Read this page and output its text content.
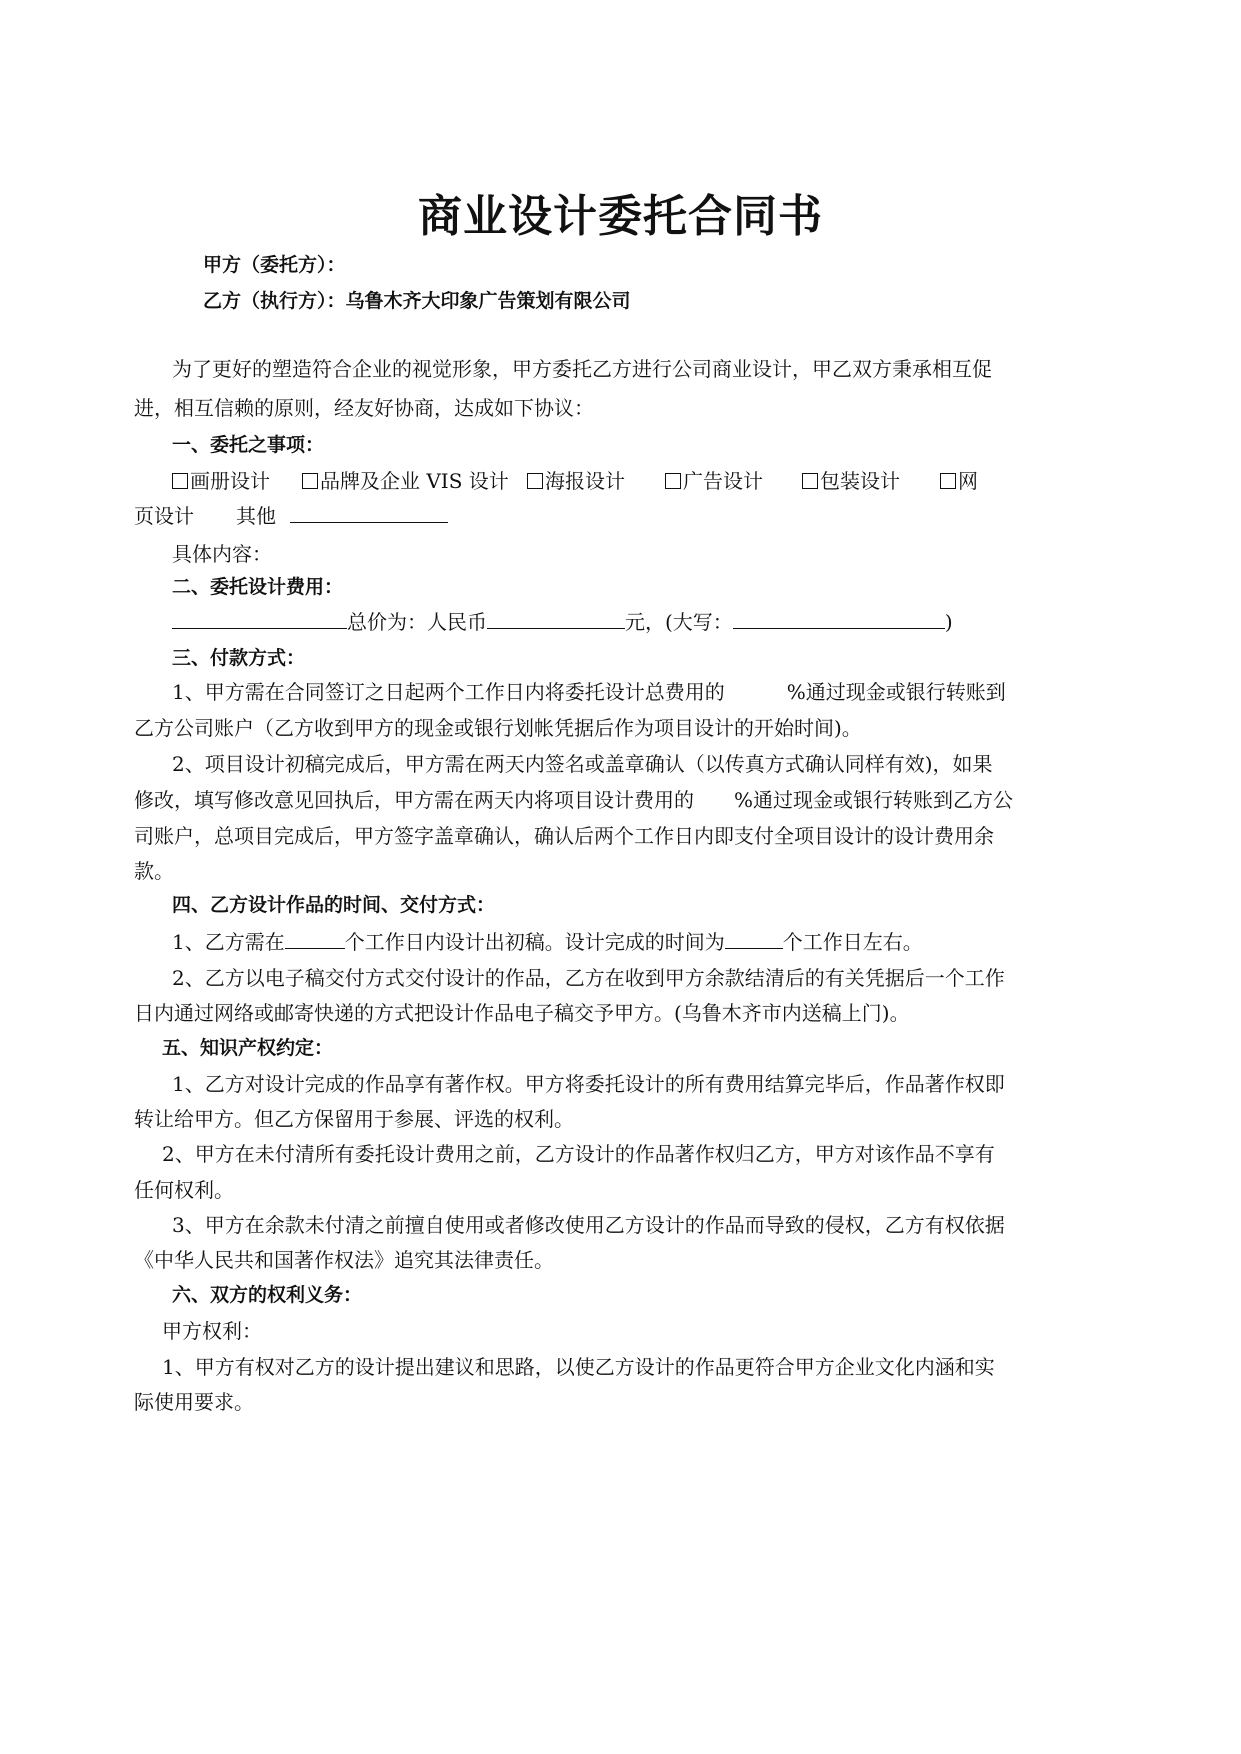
商业设计委托合同书
甲方（委托方）：
乙方（执行方）：乌鲁木齐大印象广告策划有限公司
为了更好的塑造符合企业的视觉形象，甲方委托乙方进行公司商业设计，甲乙双方秉承相互促
进，相互信赖的原则，经友好协商，达成如下协议：
一、委托之事项：
画册设计	品牌及企业 VIS 设计	海报设计	广告设计	包装设计	网
页设计 其他
具体内容：
二、委托设计费用：
总价为：人民币	元，(大写：	)
三、付款方式：
1、甲方需在合同签订之日起两个工作日内将委托设计总费用的	%通过现金或银行转账到
乙方公司账户（乙方收到甲方的现金或银行划帐凭据后作为项目设计的开始时间)。
2、项目设计初稿完成后，甲方需在两天内签名或盖章确认（以传真方式确认同样有效)，如果
修改，填写修改意见回执后，甲方需在两天内将项目设计费用的 %通过现金或银行转账到乙方公
司账户，总项目完成后，甲方签字盖章确认，确认后两个工作日内即支付全项目设计的设计费用余
款。
四、乙方设计作品的时间、交付方式：
1、乙方需在	个工作日内设计出初稿。设计完成的时间为	个工作日左右。
2、乙方以电子稿交付方式交付设计的作品，乙方在收到甲方余款结清后的有关凭据后一个工作
日内通过网络或邮寄快递的方式把设计作品电子稿交予甲方。(乌鲁木齐市内送稿上门)。
五、知识产权约定：
1、乙方对设计完成的作品享有著作权。甲方将委托设计的所有费用结算完毕后，作品著作权即
转让给甲方。但乙方保留用于参展、评选的权利。
2、甲方在未付清所有委托设计费用之前，乙方设计的作品著作权归乙方，甲方对该作品不享有
任何权利。
3、甲方在余款未付清之前擅自使用或者修改使用乙方设计的作品而导致的侵权，乙方有权依据
《中华人民共和国著作权法》追究其法律责任。
六、双方的权利义务：
甲方权利：
1、甲方有权对乙方的设计提出建议和思路，以使乙方设计的作品更符合甲方企业文化内涵和实
际使用要求。
